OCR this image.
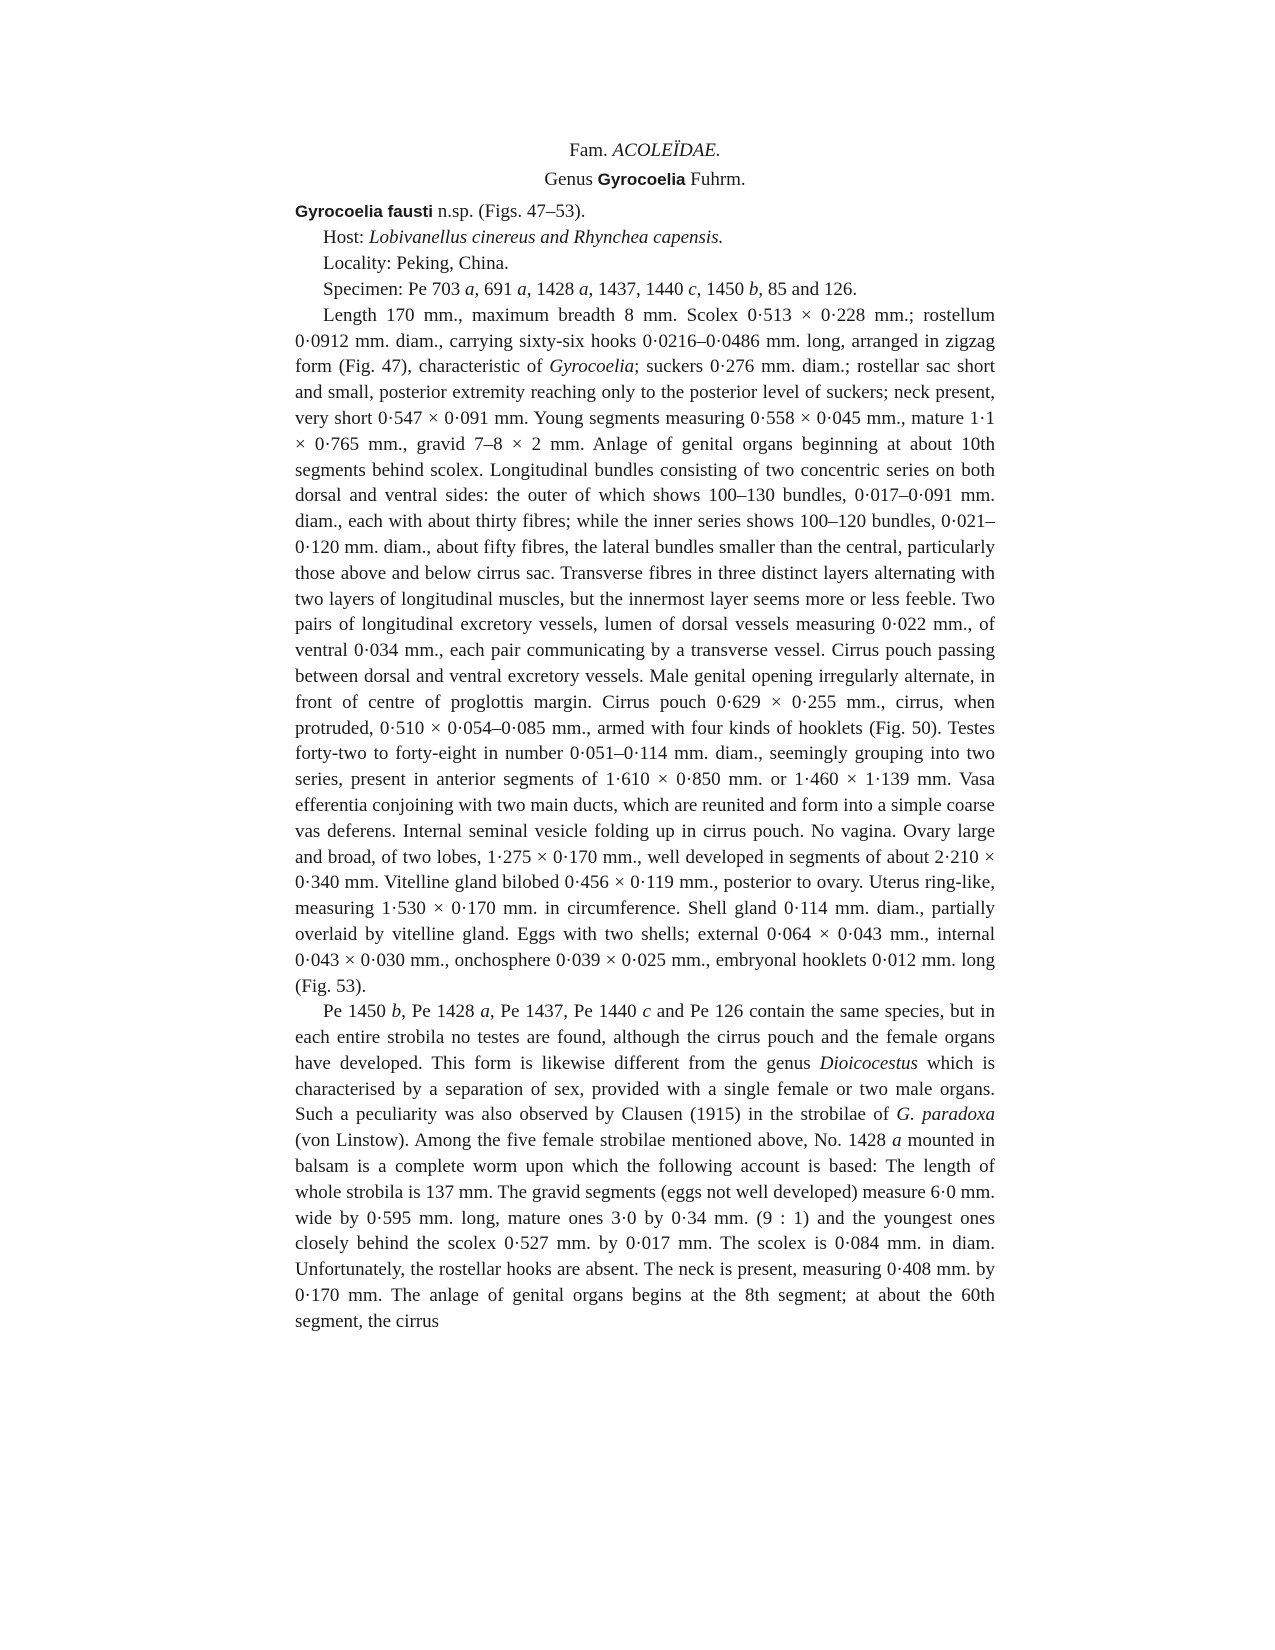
Fam. ACOLEÏDAE.

Genus Gyrocoelia Fuhrm.

Gyrocoelia fausti n.sp. (Figs. 47–53).

Host: Lobivanellus cinereus and Rhynchea capensis.

Locality: Peking, China.

Specimen: Pe 703 a, 691 a, 1428 a, 1437, 1440 c, 1450 b, 85 and 126.

Length 170 mm., maximum breadth 8 mm. Scolex 0·513 × 0·228 mm.; rostellum 0·0912 mm. diam., carrying sixty-six hooks 0·0216–0·0486 mm. long, arranged in zigzag form (Fig. 47), characteristic of Gyrocoelia; suckers 0·276 mm. diam.; rostellar sac short and small, posterior extremity reaching only to the posterior level of suckers; neck present, very short 0·547 × 0·091 mm. Young segments measuring 0·558 × 0·045 mm., mature 1·1 × 0·765 mm., gravid 7–8 × 2 mm. Anlage of genital organs beginning at about 10th segments behind scolex. Longitudinal bundles consisting of two concentric series on both dorsal and ventral sides: the outer of which shows 100–130 bundles, 0·017–0·091 mm. diam., each with about thirty fibres; while the inner series shows 100–120 bundles, 0·021–0·120 mm. diam., about fifty fibres, the lateral bundles smaller than the central, particularly those above and below cirrus sac. Transverse fibres in three distinct layers alternating with two layers of longitudinal muscles, but the innermost layer seems more or less feeble. Two pairs of longitudinal excretory vessels, lumen of dorsal vessels measuring 0·022 mm., of ventral 0·034 mm., each pair communicating by a transverse vessel. Cirrus pouch passing between dorsal and ventral excretory vessels. Male genital opening irregularly alternate, in front of centre of proglottis margin. Cirrus pouch 0·629 × 0·255 mm., cirrus, when protruded, 0·510 × 0·054–0·085 mm., armed with four kinds of hooklets (Fig. 50). Testes forty-two to forty-eight in number 0·051–0·114 mm. diam., seemingly grouping into two series, present in anterior segments of 1·610 × 0·850 mm. or 1·460 × 1·139 mm. Vasa efferentia conjoining with two main ducts, which are reunited and form into a simple coarse vas deferens. Internal seminal vesicle folding up in cirrus pouch. No vagina. Ovary large and broad, of two lobes, 1·275 × 0·170 mm., well developed in segments of about 2·210 × 0·340 mm. Vitelline gland bilobed 0·456 × 0·119 mm., posterior to ovary. Uterus ring-like, measuring 1·530 × 0·170 mm. in circumference. Shell gland 0·114 mm. diam., partially overlaid by vitelline gland. Eggs with two shells; external 0·064 × 0·043 mm., internal 0·043 × 0·030 mm., onchosphere 0·039 × 0·025 mm., embryonal hooklets 0·012 mm. long (Fig. 53).

Pe 1450 b, Pe 1428 a, Pe 1437, Pe 1440 c and Pe 126 contain the same species, but in each entire strobila no testes are found, although the cirrus pouch and the female organs have developed. This form is likewise different from the genus Dioicocestus which is characterised by a separation of sex, provided with a single female or two male organs. Such a peculiarity was also observed by Clausen (1915) in the strobilae of G. paradoxa (von Linstow). Among the five female strobilae mentioned above, No. 1428 a mounted in balsam is a complete worm upon which the following account is based: The length of whole strobila is 137 mm. The gravid segments (eggs not well developed) measure 6·0 mm. wide by 0·595 mm. long, mature ones 3·0 by 0·34 mm. (9 : 1) and the youngest ones closely behind the scolex 0·527 mm. by 0·017 mm. The scolex is 0·084 mm. in diam. Unfortunately, the rostellar hooks are absent. The neck is present, measuring 0·408 mm. by 0·170 mm. The anlage of genital organs begins at the 8th segment; at about the 60th segment, the cirrus
